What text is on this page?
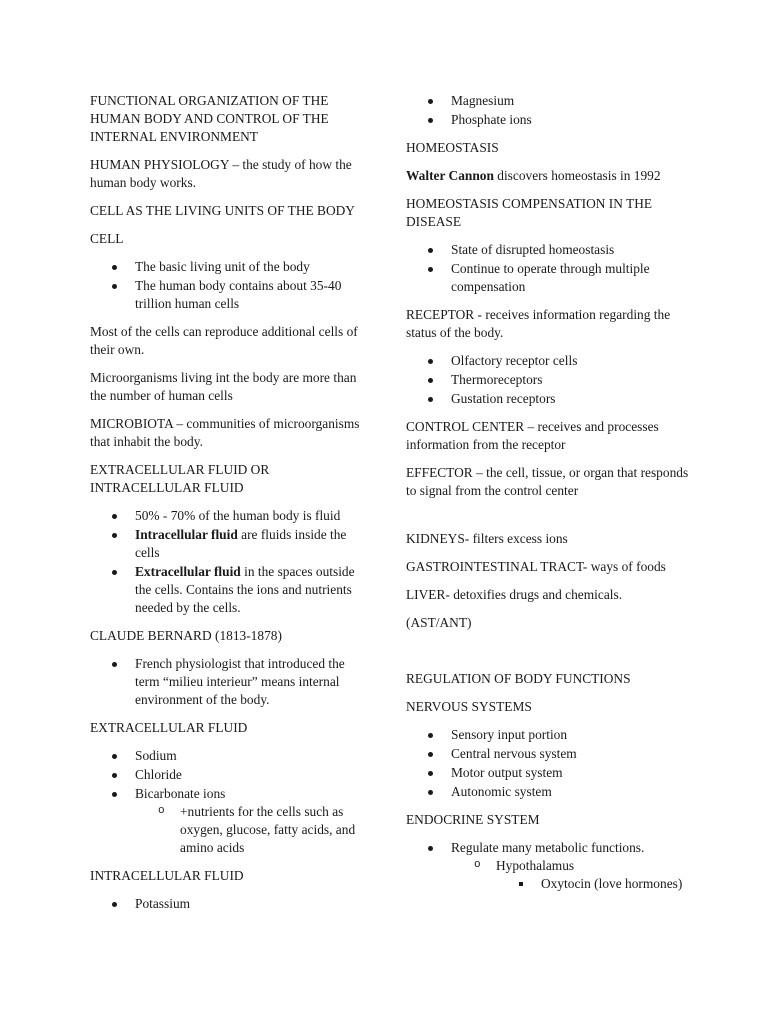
FUNCTIONAL ORGANIZATION OF THE HUMAN BODY AND CONTROL OF THE INTERNAL ENVIRONMENT

HUMAN PHYSIOLOGY – the study of how the human body works.

CELL AS THE LIVING UNITS OF THE BODY

CELL

The basic living unit of the body
The human body contains about 35-40 trillion human cells

Most of the cells can reproduce additional cells of their own.

Microorganisms living int the body are more than the number of human cells

MICROBIOTA – communities of microorganisms that inhabit the body.

EXTRACELLULAR FLUID OR INTRACELLULAR FLUID

50% - 70% of the human body is fluid
Intracellular fluid are fluids inside the cells
Extracellular fluid in the spaces outside the cells. Contains the ions and nutrients needed by the cells.

CLAUDE BERNARD (1813-1878)

French physiologist that introduced the term “milieu interieur” means internal environment of the body.

EXTRACELLULAR FLUID

Sodium
Chloride
Bicarbonate ions
o +nutrients for the cells such as oxygen, glucose, fatty acids, and amino acids

INTRACELLULAR FLUID

Potassium
Magnesium
Phosphate ions

HOMEOSTASIS

Walter Cannon discovers homeostasis in 1992

HOMEOSTASIS COMPENSATION IN THE DISEASE

State of disrupted homeostasis
Continue to operate through multiple compensation

RECEPTOR - receives information regarding the status of the body.

Olfactory receptor cells
Thermoreceptors
Gustation receptors

CONTROL CENTER – receives and processes information from the receptor

EFFECTOR – the cell, tissue, or organ that responds to signal from the control center

KIDNEYS- filters excess ions

GASTROINTESTINAL TRACT- ways of foods

LIVER- detoxifies drugs and chemicals.

(AST/ANT)

REGULATION OF BODY FUNCTIONS

NERVOUS SYSTEMS

Sensory input portion
Central nervous system
Motor output system
Autonomic system

ENDOCRINE SYSTEM

Regulate many metabolic functions.
o Hypothalamus
Oxytocin (love hormones)
